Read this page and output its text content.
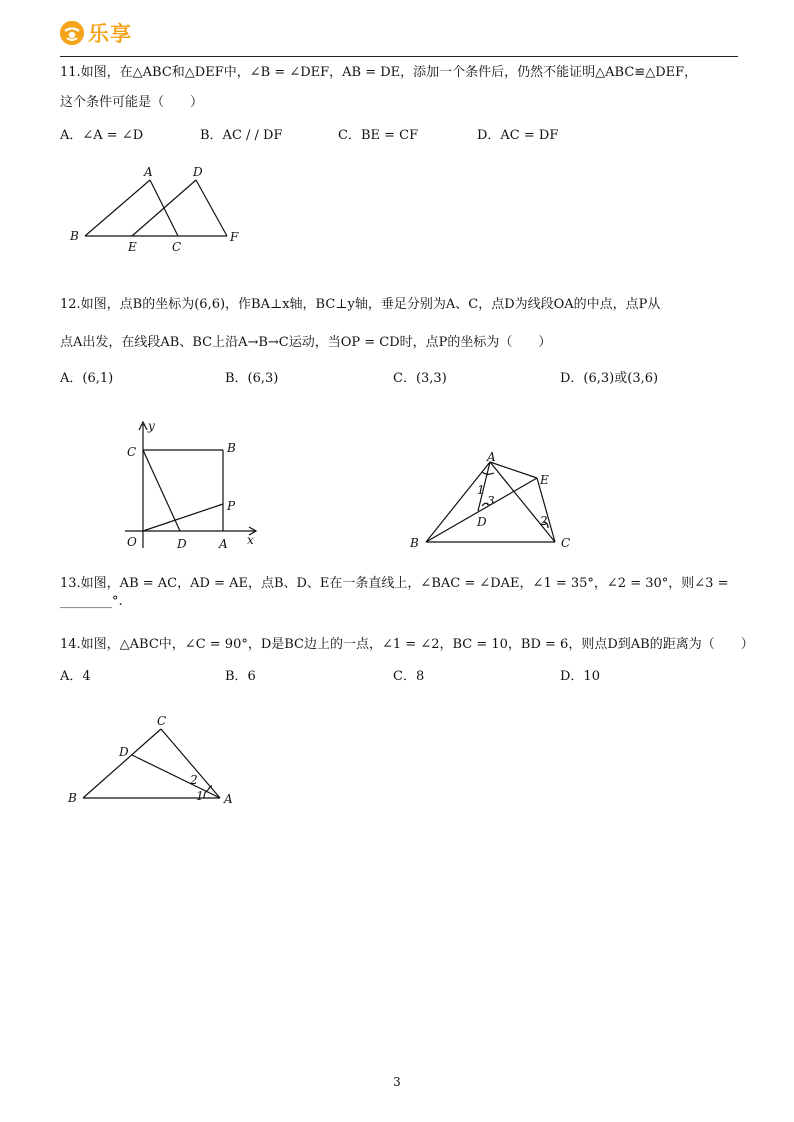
乐享
11.如图，在△ABC和△DEF中，∠B = ∠DEF，AB = DE，添加一个条件后，仍然不能证明△ABC≌△DEF，
这个条件可能是（　　）
A．∠A = ∠D	B．AC / / DF	C．BE = CF	D．AC = DF
A	D
B
E	C
F
12.如图，点B的坐标为(6,6)，作BA⊥x轴，BC⊥y轴，垂足分别为A、C，点D为线段OA的中点，点P从
点A出发，在线段AB、BC上沿A→B→C运动，当OP = CD时，点P的坐标为（　　）
A．(6,1)	B．(6,3)	C．(3,3)	D．(6,3)或(3,6)
y
C	B
P
O	D	A x
A
E
B	C
D
1
3
2
13.如图，AB = AC，AD = AE，点B、D、E在一条直线上，∠BAC = ∠DAE，∠1 = 35°，∠2 = 30°，则∠3 = ________°.
14.如图，△ABC中，∠C = 90°，D是BC边上的一点，∠1 = ∠2，BC = 10，BD = 6，则点D到AB的距离为（　　）
A．4	B．6	C．8	D．10
C
D
B	A
1
2
3
